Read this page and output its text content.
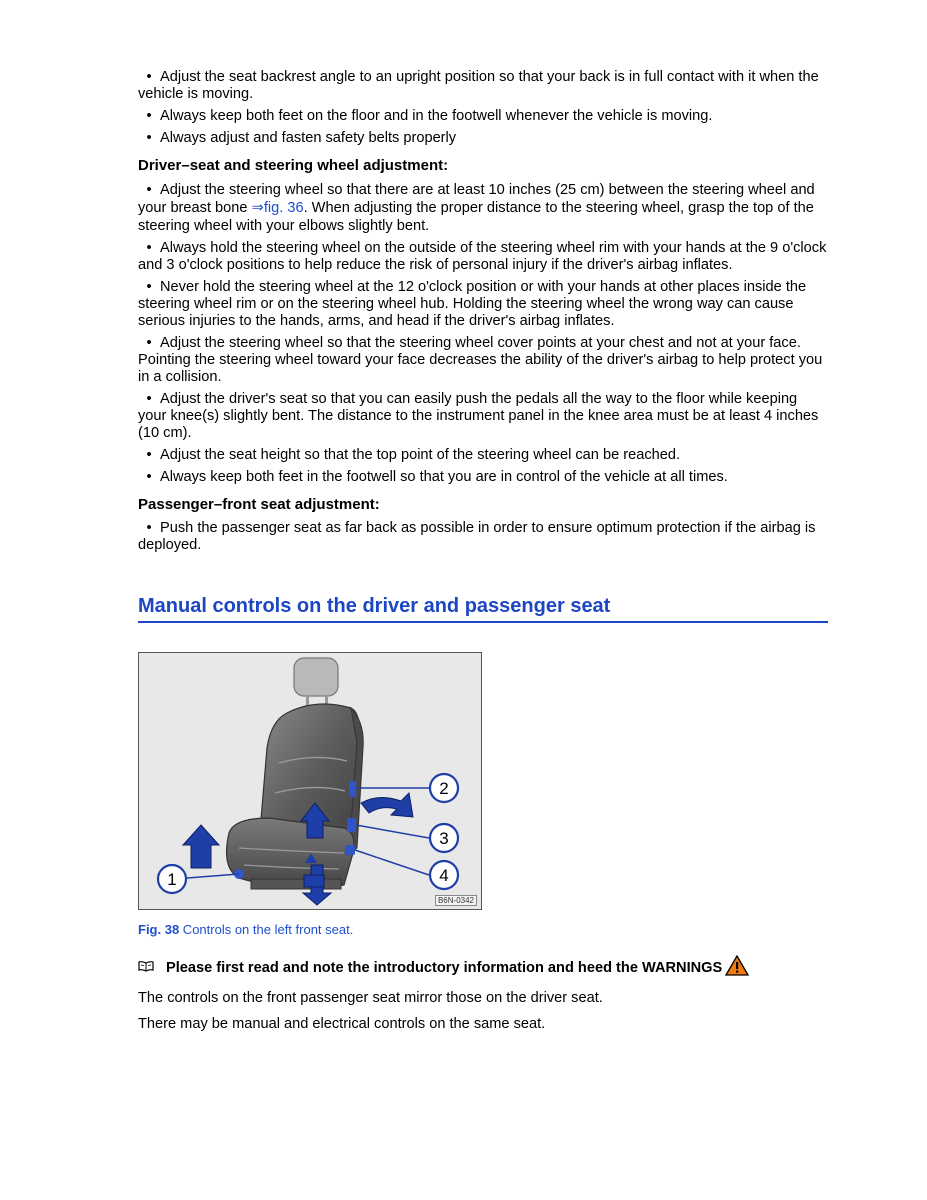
•Adjust the seat backrest angle to an upright position so that your back is in full contact with it when the vehicle is moving.
•Always keep both feet on the floor and in the footwell whenever the vehicle is moving.
•Always adjust and fasten safety belts properly
Driver–seat and steering wheel adjustment:
•Adjust the steering wheel so that there are at least 10 inches (25 cm) between the steering wheel and your breast bone ⇒fig. 36. When adjusting the proper distance to the steering wheel, grasp the top of the steering wheel with your elbows slightly bent.
•Always hold the steering wheel on the outside of the steering wheel rim with your hands at the 9 o'clock and 3 o'clock positions to help reduce the risk of personal injury if the driver's airbag inflates.
•Never hold the steering wheel at the 12 o'clock position or with your hands at other places inside the steering wheel rim or on the steering wheel hub. Holding the steering wheel the wrong way can cause serious injuries to the hands, arms, and head if the driver's airbag inflates.
•Adjust the steering wheel so that the steering wheel cover points at your chest and not at your face. Pointing the steering wheel toward your face decreases the ability of the driver's airbag to help protect you in a collision.
•Adjust the driver's seat so that you can easily push the pedals all the way to the floor while keeping your knee(s) slightly bent. The distance to the instrument panel in the knee area must be at least 4 inches (10 cm).
•Adjust the seat height so that the top point of the steering wheel can be reached.
•Always keep both feet in the footwell so that you are in control of the vehicle at all times.
Passenger–front seat adjustment:
•Push the passenger seat as far back as possible in order to ensure optimum protection if the airbag is deployed.
Manual controls on the driver and passenger seat
1
2
3
4
B6N-0342
Fig. 38 Controls on the left front seat.
Please first read and note the introductory information and heed the WARNINGS
The controls on the front passenger seat mirror those on the driver seat.
There may be manual and electrical controls on the same seat.
